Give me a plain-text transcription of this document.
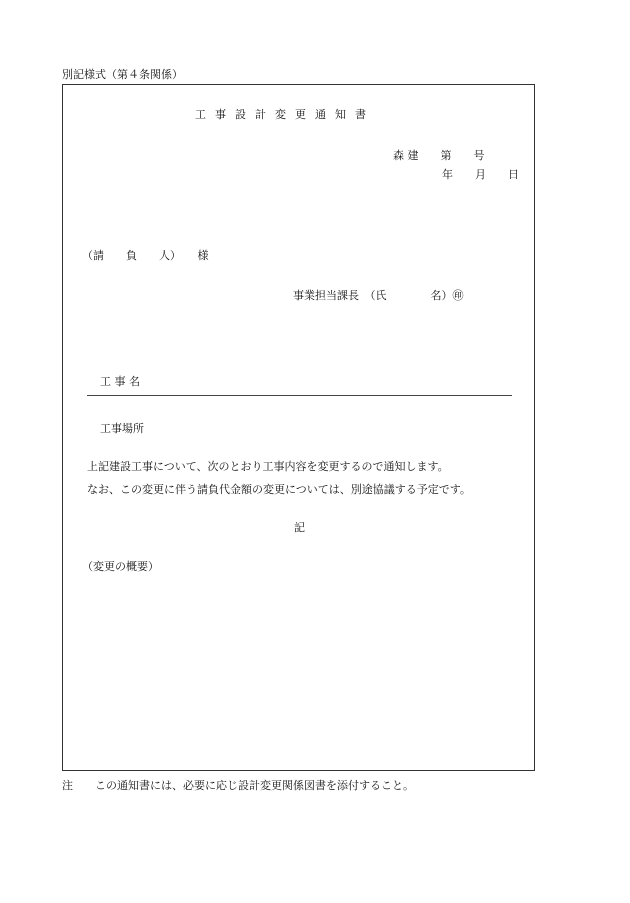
別記様式（第４条関係）
工事設計変更通知書
森 建　　第　　号
年　　月　　日
（請　　負　　人）　　様
事業担当課長　（氏　　　　名）㊞
工 事 名
工事場所
上記建設工事について、次のとおり工事内容を変更するので通知します。
なお、この変更に伴う請負代金額の変更については、別途協議する予定です。
記
（変更の概要）
注　　この通知書には、必要に応じ設計変更関係図書を添付すること。
